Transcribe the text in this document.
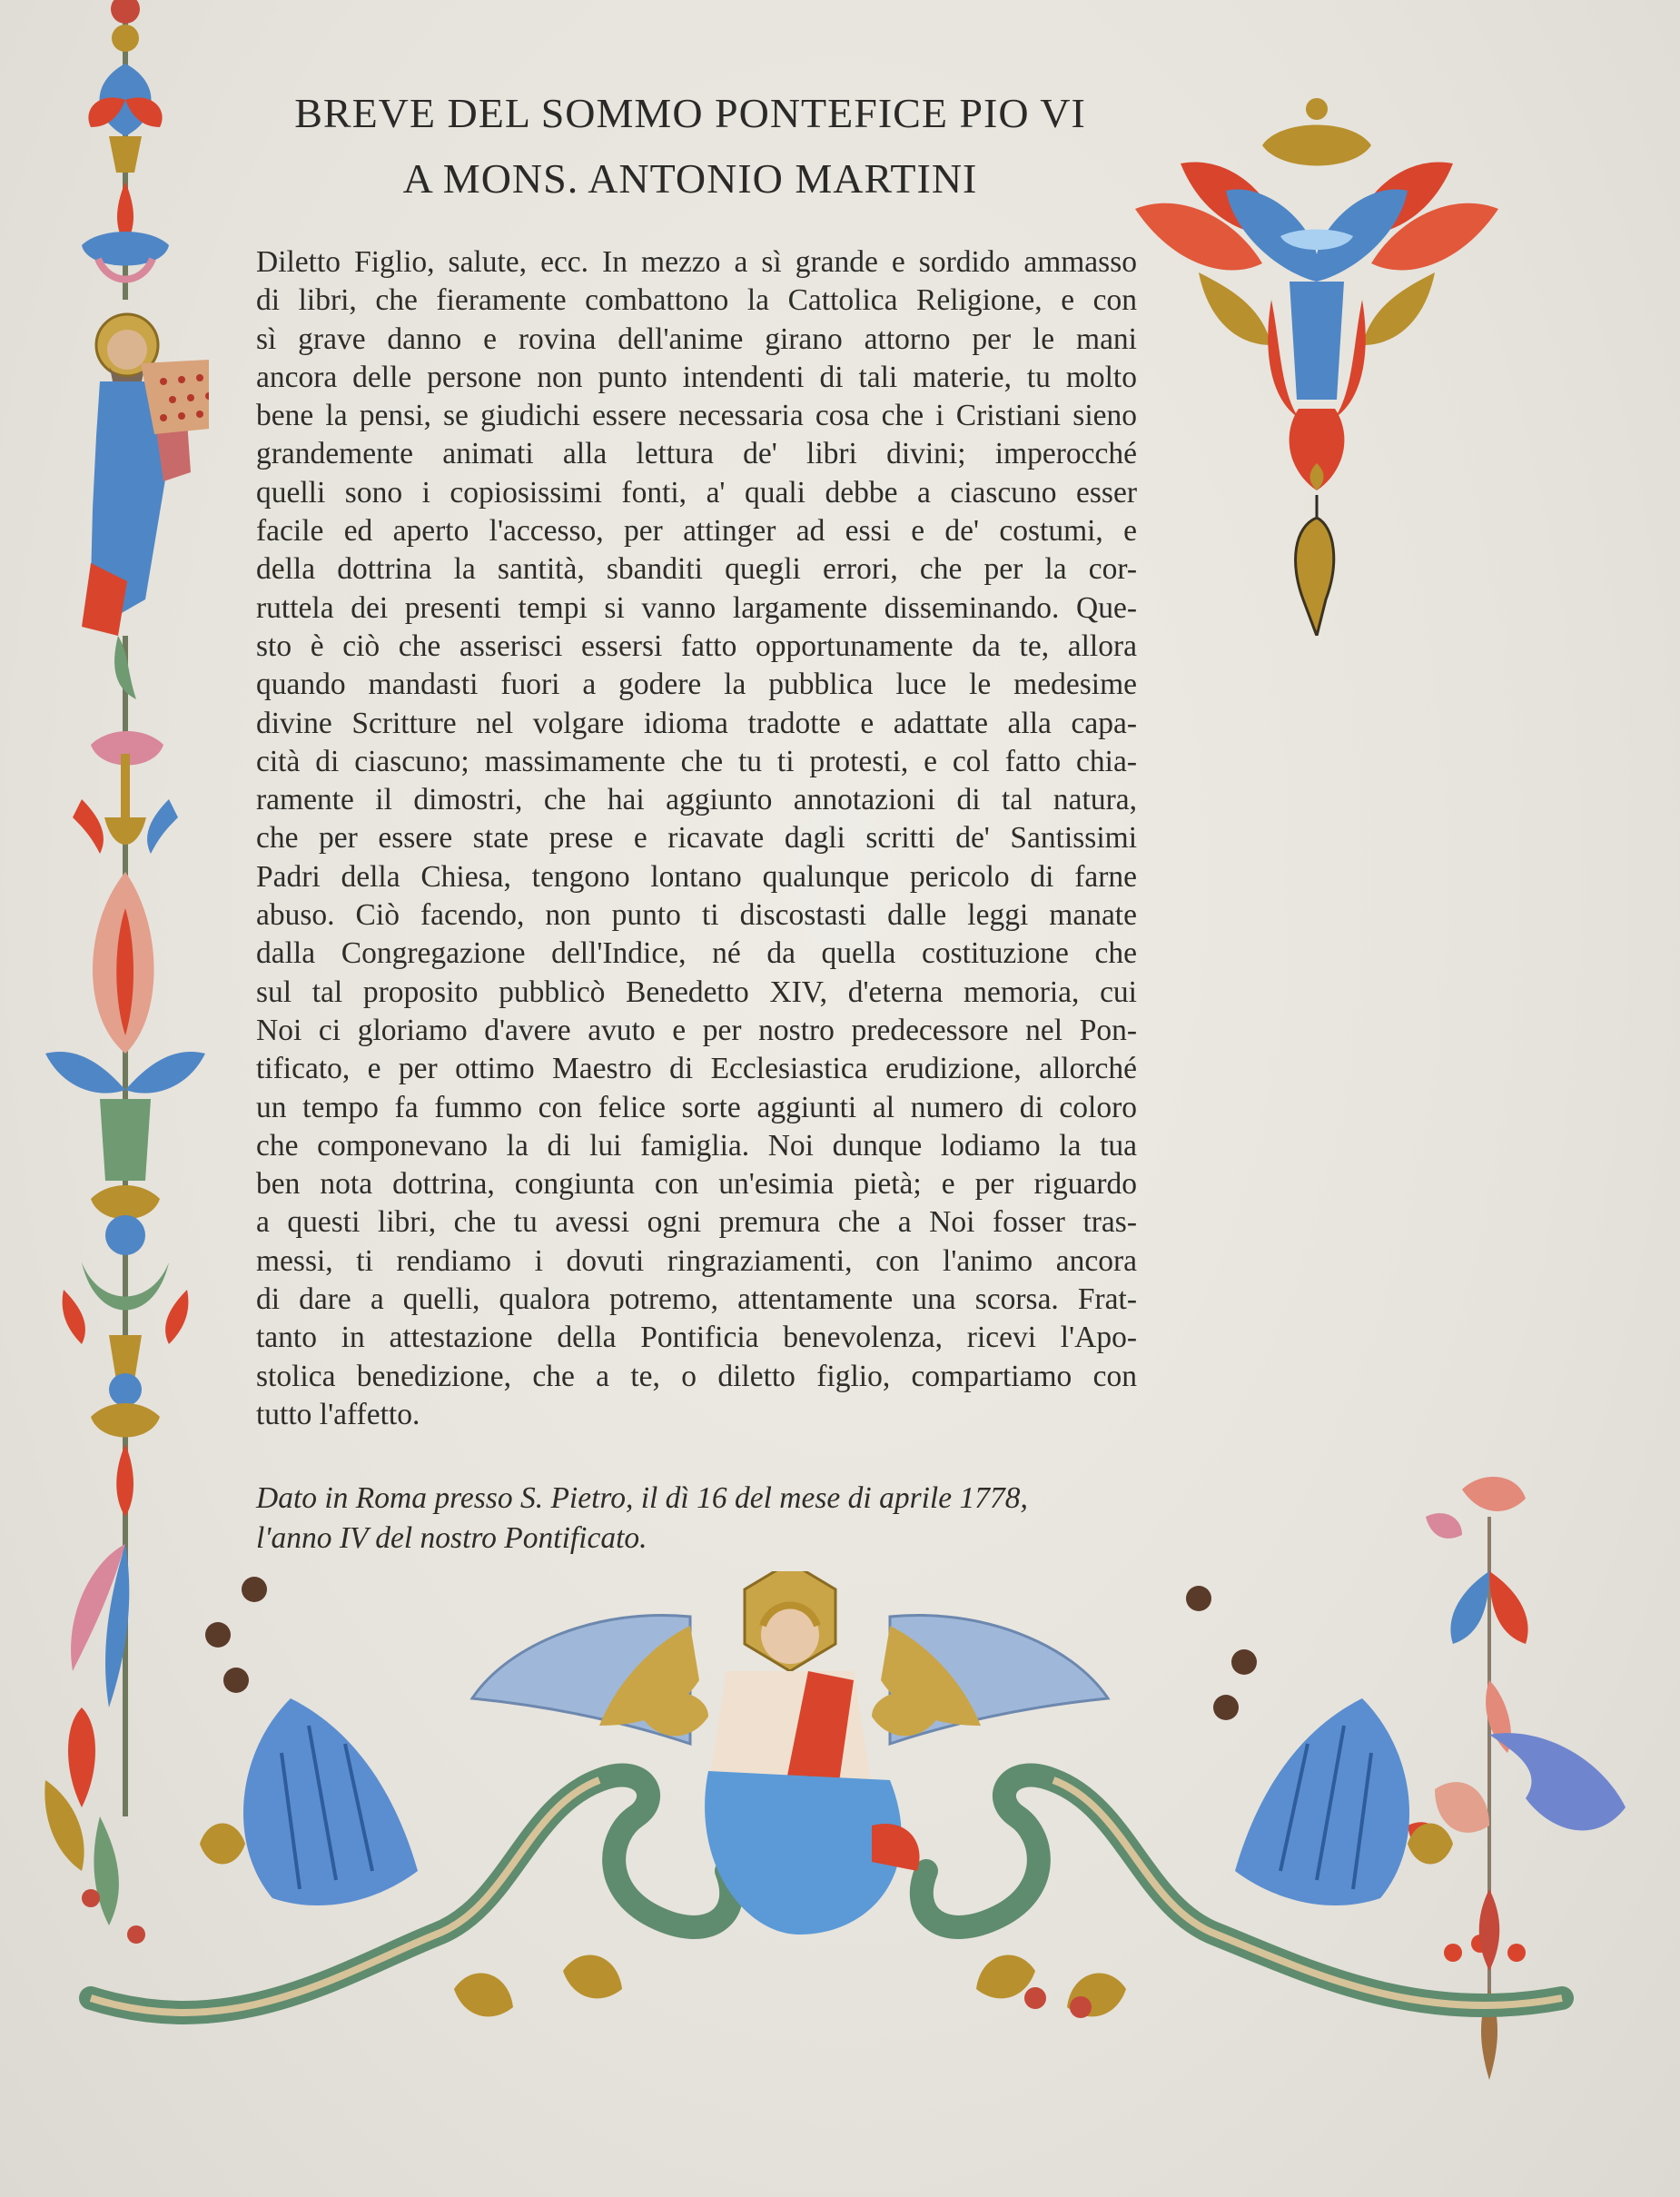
BREVE DEL SOMMO PONTEFICE PIO VI
A MONS. ANTONIO MARTINI
Diletto Figlio, salute, ecc. In mezzo a sì grande e sordido ammasso
di libri, che fieramente combattono la Cattolica Religione, e con
sì grave danno e rovina dell'anime girano attorno per le mani
ancora delle persone non punto intendenti di tali materie, tu molto
bene la pensi, se giudichi essere necessaria cosa che i Cristiani sieno
grandemente animati alla lettura de' libri divini; imperocché
quelli sono i copiosissimi fonti, a' quali debbe a ciascuno esser
facile ed aperto l'accesso, per attinger ad essi e de' costumi, e
della dottrina la santità, sbanditi quegli errori, che per la cor-
ruttela dei presenti tempi si vanno largamente disseminando. Que-
sto è ciò che asserisci essersi fatto opportunamente da te, allora
quando mandasti fuori a godere la pubblica luce le medesime
divine Scritture nel volgare idioma tradotte e adattate alla capa-
cità di ciascuno; massimamente che tu ti protesti, e col fatto chia-
ramente il dimostri, che hai aggiunto annotazioni di tal natura,
che per essere state prese e ricavate dagli scritti de' Santissimi
Padri della Chiesa, tengono lontano qualunque pericolo di farne
abuso. Ciò facendo, non punto ti discostasti dalle leggi manate
dalla Congregazione dell'Indice, né da quella costituzione che
sul tal proposito pubblicò Benedetto XIV, d'eterna memoria, cui
Noi ci gloriamo d'avere avuto e per nostro predecessore nel Pon-
tificato, e per ottimo Maestro di Ecclesiastica erudizione, allorché
un tempo fa fummo con felice sorte aggiunti al numero di coloro
che componevano la di lui famiglia. Noi dunque lodiamo la tua
ben nota dottrina, congiunta con un'esimia pietà; e per riguardo
a questi libri, che tu avessi ogni premura che a Noi fosser tras-
messi, ti rendiamo i dovuti ringraziamenti, con l'animo ancora
di dare a quelli, qualora potremo, attentamente una scorsa. Frat-
tanto in attestazione della Pontificia benevolenza, ricevi l'Apo-
stolica benedizione, che a te, o diletto figlio, compartiamo con
tutto l'affetto.
Dato in Roma presso S. Pietro, il dì 16 del mese di aprile 1778,
l'anno IV del nostro Pontificato.
